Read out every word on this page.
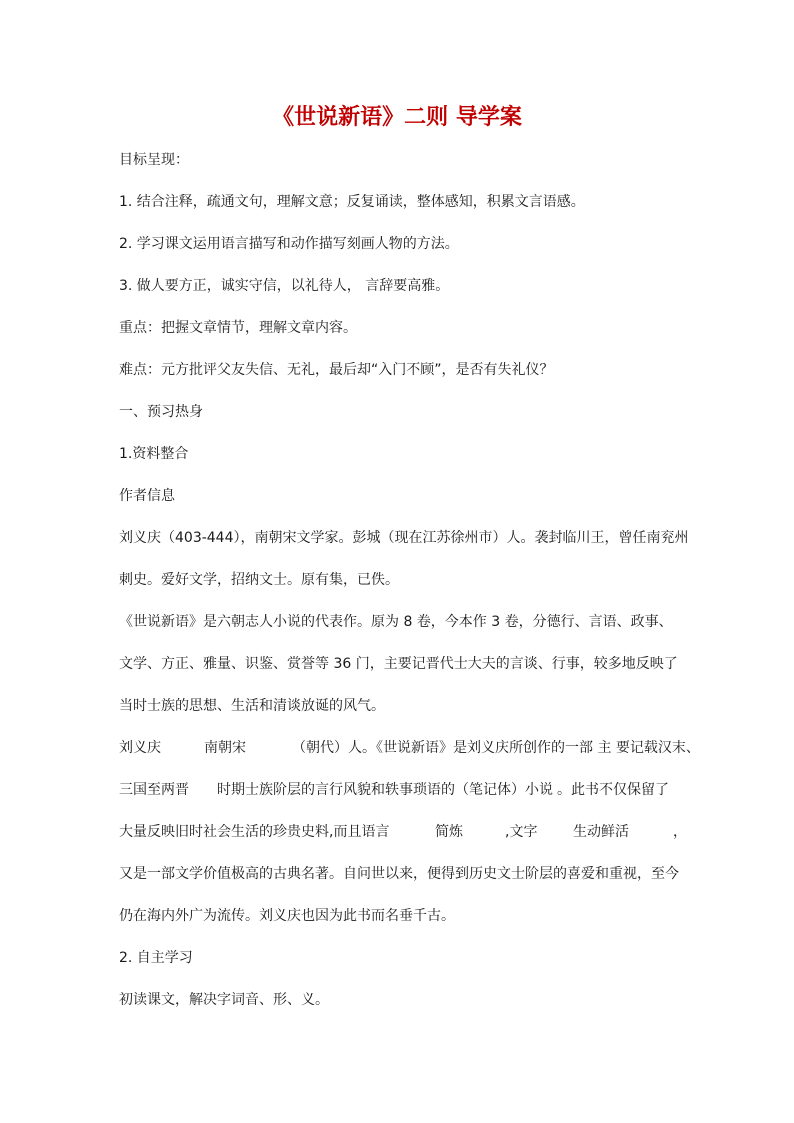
《世说新语》二则 导学案
目标呈现：
1. 结合注释，疏通文句，理解文意；反复诵读，整体感知，积累文言语感。
2. 学习课文运用语言描写和动作描写刻画人物的方法。
3. 做人要方正，诚实守信，以礼待人， 言辞要高雅。
重点：把握文章情节，理解文章内容。
难点：元方批评父友失信、无礼，最后却“入门不顾”，是否有失礼仪？
一、预习热身
1.资料整合
作者信息
刘义庆（403-444），南朝宋文学家。彭城（现在江苏徐州市）人。袭封临川王，曾任南兖州
刺史。爱好文学，招纳文士。原有集，已佚。
《世说新语》是六朝志人小说的代表作。原为 8 卷，今本作 3 卷，分德行、言语、政事、
文学、方正、雅量、识鉴、赏誉等 36 门，主要记晋代士大夫的言谈、行事，较多地反映了
当时士族的思想、生活和清谈放诞的风气。
刘义庆	南朝宋	（朝代）人。《世说新语》是刘义庆所创作的一部 主 要记载汉末、
三国至两晋 时期士族阶层的言行风貌和轶事琐语的（笔记体）小说 。此书不仅保留了
大量反映旧时社会生活的珍贵史料,而且语言	简炼	,文字	生动鲜活	，
又是一部文学价值极高的古典名著。自问世以来，便得到历史文士阶层的喜爱和重视，至今
仍在海内外广为流传。刘义庆也因为此书而名垂千古。
2. 自主学习
初读课文，解决字词音、形、义。
